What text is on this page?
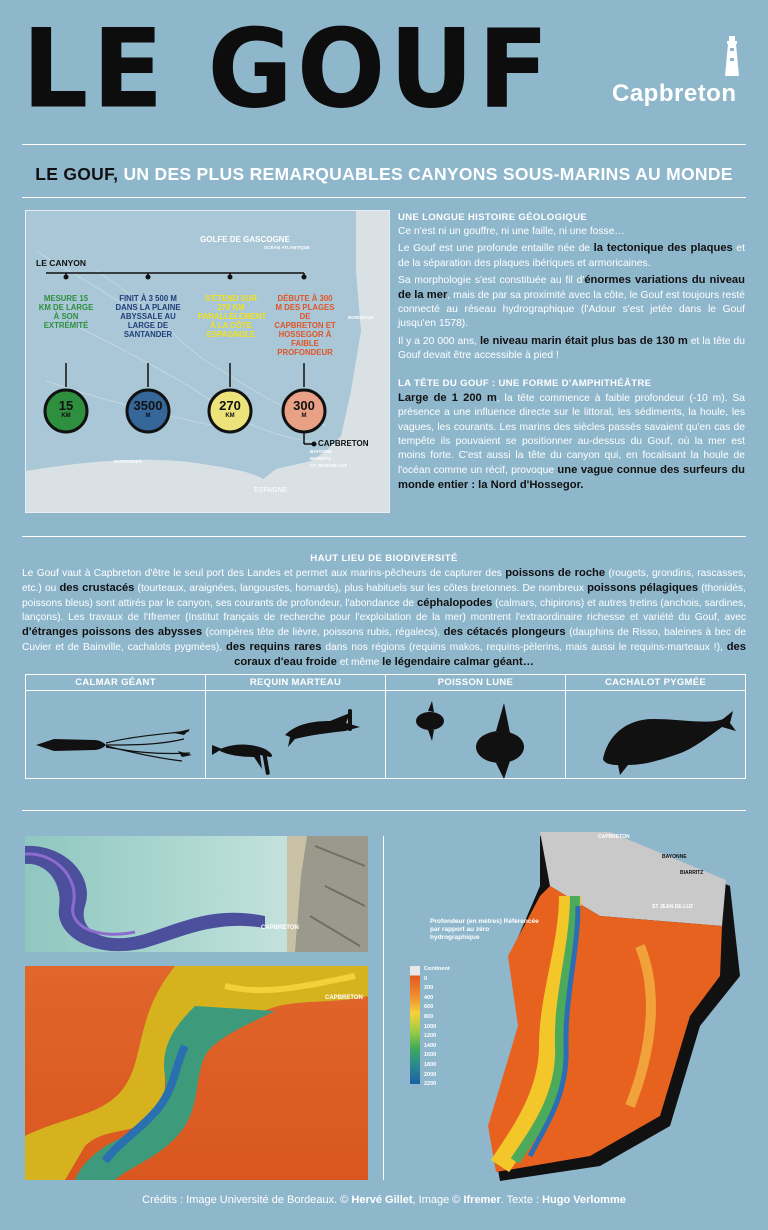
LE GOUF Capbreton
LE GOUF, UN DES PLUS REMARQUABLES CANYONS SOUS-MARINS AU MONDE
GOLFE DE GASCOGNE
OCÉAN ATLANTIQUE
LE CANYON
MESURE 15 KM DE LARGE À SON EXTRÉMITÉ
FINIT À 3 500 M DANS LA PLAINE ABYSSALE AU LARGE DE SANTANDER
S'ÉTEND SUR 270 KM PARALLÈLEMENT À LA CÔTE ESPAGNOLE
DÉBUTE À 300 M DES PLAGES DE CAPBRETON ET HOSSEGOR À FAIBLE PROFONDEUR
15
KM
3500
M
270
KM
300
M
CAPBRETON
SANTANDER
ESPAGNE
BAYONNE
BIARRITZ
ST JEAN-DE-LUZ
BORDEAUX
UNE LONGUE HISTOIRE GÉOLOGIQUE

Ce n'est ni un gouffre, ni une faille, ni une fosse…

Le Gouf est une profonde entaille née de la tectonique des plaques et de la séparation des plaques ibériques et armoricaines.

Sa morphologie s'est constituée au fil d'énormes variations du niveau de la mer, mais de par sa proximité avec la côte, le Gouf est toujours resté connecté au réseau hydrographique (l'Adour s'est jetée dans le Gouf jusqu'en 1578).

Il y a 20 000 ans, le niveau marin était plus bas de 130 m et la tête du Gouf devait être accessible à pied !

LA TÊTE DU GOUF : UNE FORME D'AMPHITHÉÂTRE

Large de 1 200 m, la tête commence à faible profondeur (-10 m). Sa présence a une influence directe sur le littoral, les sédiments, la houle, les vagues, les courants. Les marins des siècles passés savaient qu'en cas de tempête ils pouvaient se positionner au-dessus du Gouf, où la mer est moins forte. C'est aussi la tête du canyon qui, en focalisant la houle de l'océan comme un récif, provoque une vague connue des surfeurs du monde entier : la Nord d'Hossegor.

HAUT LIEU DE BIODIVERSITÉ
Le Gouf vaut à Capbreton d'être le seul port des Landes et permet aux marins-pêcheurs de capturer des poissons de roche (rougets, grondins, rascasses, etc.) ou des crustacés (tourteaux, araignées, langoustes, homards), plus habituels sur les côtes bretonnes. De nombreux poissons pélagiques (thonidés, poissons bleus) sont attirés par le canyon, ses courants de profondeur, l'abondance de céphalopodes (calmars, chipirons) et autres tretins (anchois, sardines, lançons). Les travaux de l'Ifremer (Institut français de recherche pour l'exploitation de la mer) montrent l'extraordinaire richesse et variété du Gouf, avec d'étranges poissons des abysses (compères tête de lièvre, poissons rubis, régalecs), des cétacés plongeurs (dauphins de Risso, baleines à bec de Cuvier et de Bainville, cachalots pygmées), des requins rares dans nos régions (requins makos, requins-pèlerins, mais aussi le requins-marteaux !), des coraux d'eau froide et même le légendaire calmar géant…
CALMAR GÉANT	REQUIN MARTEAU	POISSON LUNE	CACHALOT PYGMÉE
CAPBRETON
CAPBRETON
CAPBRETON
BAYONNE
BIARRITZ
ST JEAN-DE-LUZ
Profondeur (en mètres) Référencée par rapport au zéro hydrographique
Continent
0
200
400
600
800
1000
1200
1400
1600
1800
2000
2200
Crédits : Image Université de Bordeaux. © Hervé Gillet, Image © Ifremer. Texte : Hugo Verlomme
